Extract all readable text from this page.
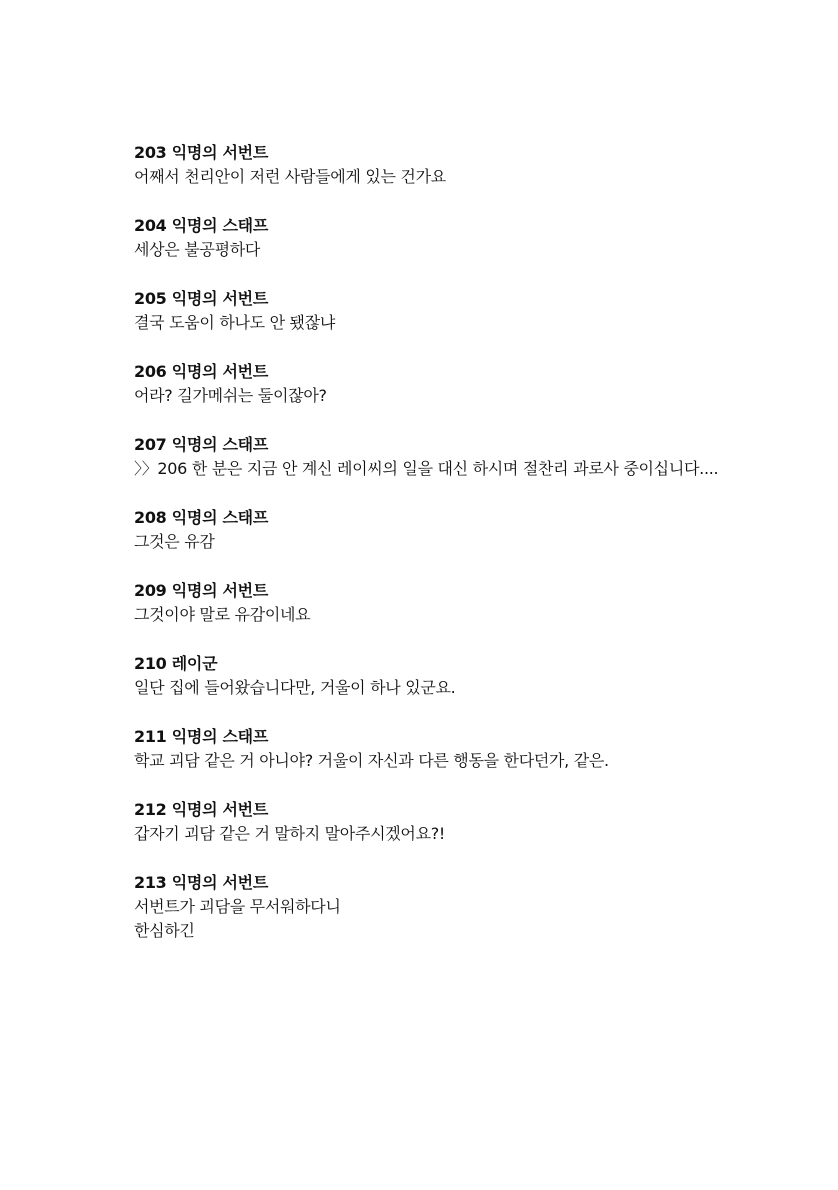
203 익명의 서번트
어째서 천리안이 저런 사람들에게 있는 건가요
204 익명의 스태프
세상은 불공평하다
205 익명의 서번트
결국 도움이 하나도 안 됐잖냐
206 익명의 서번트
어라? 길가메쉬는 둘이잖아?
207 익명의 스태프
〉〉206 한 분은 지금 안 계신 레이씨의 일을 대신 하시며 절찬리 과로사 중이십니다....
208 익명의 스태프
그것은 유감
209 익명의 서번트
그것이야 말로 유감이네요
210 레이군
일단 집에 들어왔습니다만, 거울이 하나 있군요.
211 익명의 스태프
학교 괴담 같은 거 아니야? 거울이 자신과 다른 행동을 한다던가, 같은.
212 익명의 서번트
갑자기 괴담 같은 거 말하지 말아주시겠어요?!
213 익명의 서번트
서번트가 괴담을 무서워하다니
한심하긴
